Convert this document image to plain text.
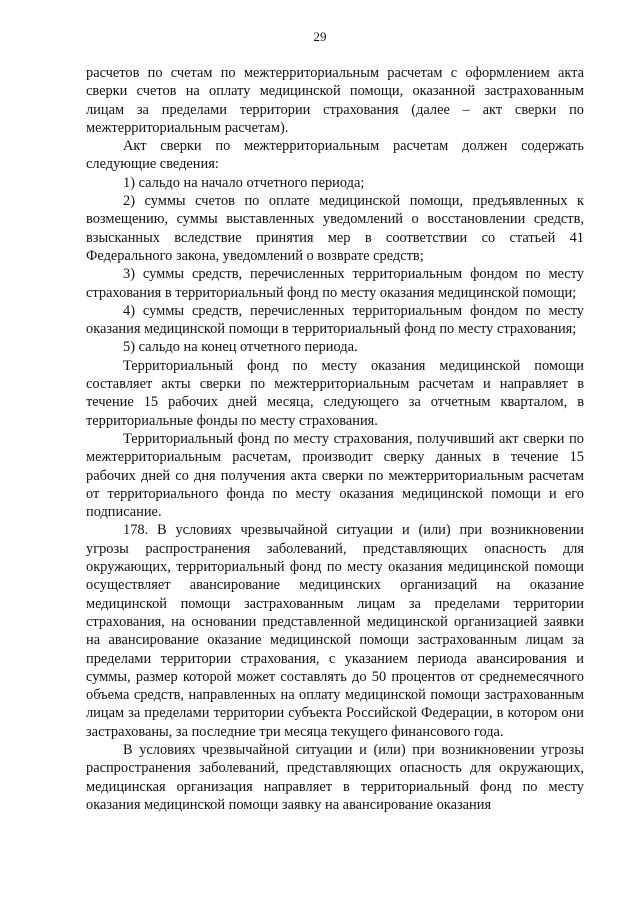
29

расчетов по счетам по межтерриториальным расчетам с оформлением акта сверки счетов на оплату медицинской помощи, оказанной застрахованным лицам за пределами территории страхования (далее – акт сверки по межтерриториальным расчетам).

Акт сверки по межтерриториальным расчетам должен содержать следующие сведения:

1) сальдо на начало отчетного периода;

2) суммы счетов по оплате медицинской помощи, предъявленных к возмещению, суммы выставленных уведомлений о восстановлении средств, взысканных вследствие принятия мер в соответствии со статьей 41 Федерального закона, уведомлений о возврате средств;

3) суммы средств, перечисленных территориальным фондом по месту страхования в территориальный фонд по месту оказания медицинской помощи;

4) суммы средств, перечисленных территориальным фондом по месту оказания медицинской помощи в территориальный фонд по месту страхования;

5) сальдо на конец отчетного периода.

Территориальный фонд по месту оказания медицинской помощи составляет акты сверки по межтерриториальным расчетам и направляет в течение 15 рабочих дней месяца, следующего за отчетным кварталом, в территориальные фонды по месту страхования.

Территориальный фонд по месту страхования, получивший акт сверки по межтерриториальным расчетам, производит сверку данных в течение 15 рабочих дней со дня получения акта сверки по межтерриториальным расчетам от территориального фонда по месту оказания медицинской помощи и его подписание.

178. В условиях чрезвычайной ситуации и (или) при возникновении угрозы распространения заболеваний, представляющих опасность для окружающих, территориальный фонд по месту оказания медицинской помощи осуществляет авансирование медицинских организаций на оказание медицинской помощи застрахованным лицам за пределами территории страхования, на основании представленной медицинской организацией заявки на авансирование оказание медицинской помощи застрахованным лицам за пределами территории страхования, с указанием периода авансирования и суммы, размер которой может составлять до 50 процентов от среднемесячного объема средств, направленных на оплату медицинской помощи застрахованным лицам за пределами территории субъекта Российской Федерации, в котором они застрахованы, за последние три месяца текущего финансового года.

В условиях чрезвычайной ситуации и (или) при возникновении угрозы распространения заболеваний, представляющих опасность для окружающих, медицинская организация направляет в территориальный фонд по месту оказания медицинской помощи заявку на авансирование оказания
